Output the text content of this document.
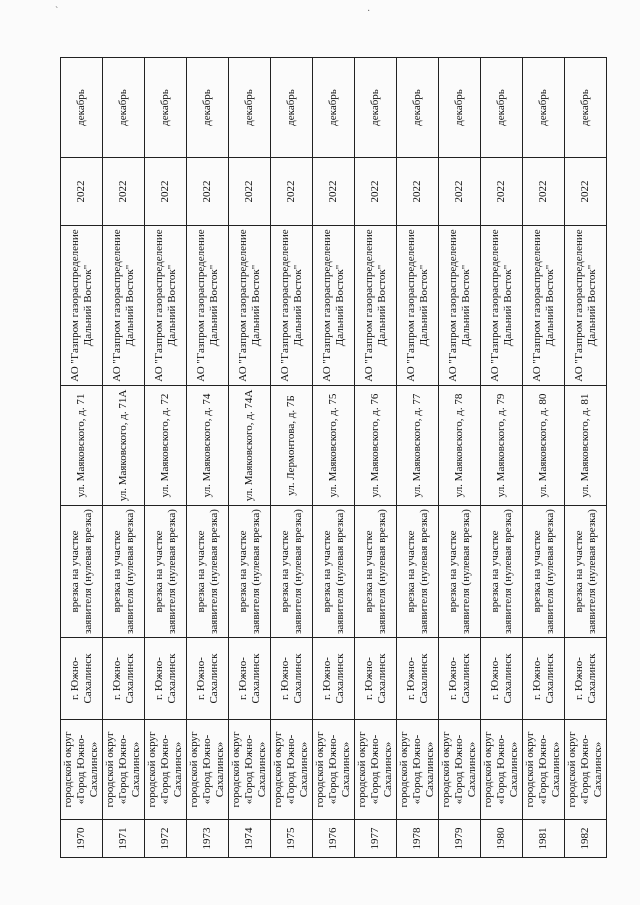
`	·
1970	городской округ «Город Южно-Сахалинск»	г. Южно-Сахалинск	врезка на участке заявителя (нулевая врезка)	ул. Маяковского, д. 71	АО "Газпром газораспределение Дальний Восток"	2022	декабрь
1971	городской округ «Город Южно-Сахалинск»	г. Южно-Сахалинск	врезка на участке заявителя (нулевая врезка)	ул. Маяковского, д. 71А	АО "Газпром газораспределение Дальний Восток"	2022	декабрь
1972	городской округ «Город Южно-Сахалинск»	г. Южно-Сахалинск	врезка на участке заявителя (нулевая врезка)	ул. Маяковского, д. 72	АО "Газпром газораспределение Дальний Восток"	2022	декабрь
1973	городской округ «Город Южно-Сахалинск»	г. Южно-Сахалинск	врезка на участке заявителя (нулевая врезка)	ул. Маяковского, д. 74	АО "Газпром газораспределение Дальний Восток"	2022	декабрь
1974	городской округ «Город Южно-Сахалинск»	г. Южно-Сахалинск	врезка на участке заявителя (нулевая врезка)	ул. Маяковского, д. 74А	АО "Газпром газораспределение Дальний Восток"	2022	декабрь
1975	городской округ «Город Южно-Сахалинск»	г. Южно-Сахалинск	врезка на участке заявителя (нулевая врезка)	ул. Лермонтова, д. 7Б	АО "Газпром газораспределение Дальний Восток"	2022	декабрь
1976	городской округ «Город Южно-Сахалинск»	г. Южно-Сахалинск	врезка на участке заявителя (нулевая врезка)	ул. Маяковского, д. 75	АО "Газпром газораспределение Дальний Восток"	2022	декабрь
1977	городской округ «Город Южно-Сахалинск»	г. Южно-Сахалинск	врезка на участке заявителя (нулевая врезка)	ул. Маяковского, д. 76	АО "Газпром газораспределение Дальний Восток"	2022	декабрь
1978	городской округ «Город Южно-Сахалинск»	г. Южно-Сахалинск	врезка на участке заявителя (нулевая врезка)	ул. Маяковского, д. 77	АО "Газпром газораспределение Дальний Восток"	2022	декабрь
1979	городской округ «Город Южно-Сахалинск»	г. Южно-Сахалинск	врезка на участке заявителя (нулевая врезка)	ул. Маяковского, д. 78	АО "Газпром газораспределение Дальний Восток"	2022	декабрь
1980	городской округ «Город Южно-Сахалинск»	г. Южно-Сахалинск	врезка на участке заявителя (нулевая врезка)	ул. Маяковского, д. 79	АО "Газпром газораспределение Дальний Восток"	2022	декабрь
1981	городской округ «Город Южно-Сахалинск»	г. Южно-Сахалинск	врезка на участке заявителя (нулевая врезка)	ул. Маяковского, д. 80	АО "Газпром газораспределение Дальний Восток"	2022	декабрь
1982	городской округ «Город Южно-Сахалинск»	г. Южно-Сахалинск	врезка на участке заявителя (нулевая врезка)	ул. Маяковского, д. 81	АО "Газпром газораспределение Дальний Восток"	2022	декабрь
